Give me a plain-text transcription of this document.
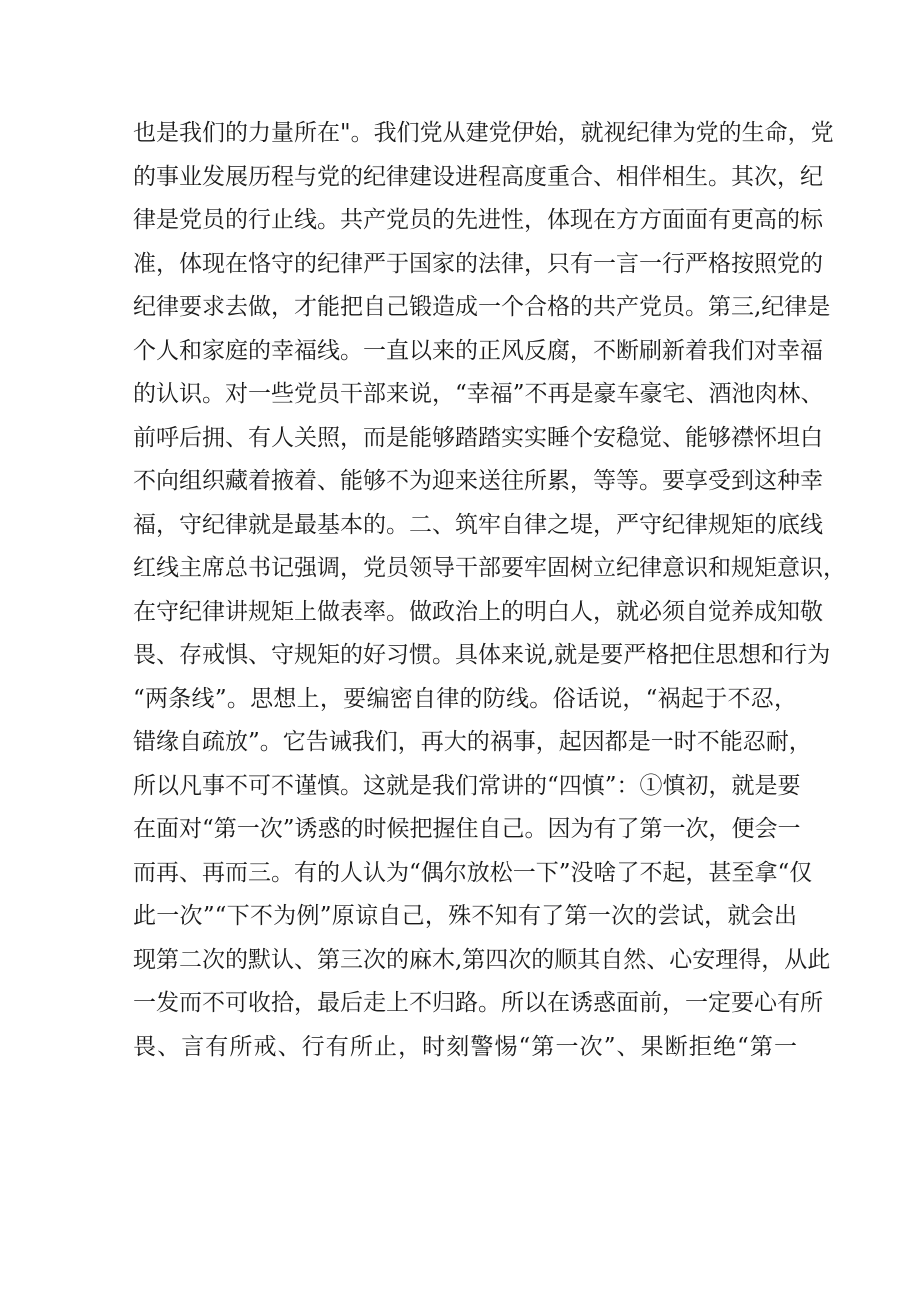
也是我们的力量所在"。我们党从建党伊始，就视纪律为党的生命，党
的事业发展历程与党的纪律建设进程高度重合、相伴相生。其次，纪
律是党员的行止线。共产党员的先进性，体现在方方面面有更高的标
准，体现在恪守的纪律严于国家的法律，只有一言一行严格按照党的
纪律要求去做，才能把自己锻造成一个合格的共产党员。第三,纪律是
个人和家庭的幸福线。一直以来的正风反腐，不断刷新着我们对幸福
的认识。对一些党员干部来说，“幸福”不再是豪车豪宅、酒池肉林、
前呼后拥、有人关照，而是能够踏踏实实睡个安稳觉、能够襟怀坦白
不向组织藏着掖着、能够不为迎来送往所累，等等。要享受到这种幸
福，守纪律就是最基本的。二、筑牢自律之堤，严守纪律规矩的底线
红线主席总书记强调，党员领导干部要牢固树立纪律意识和规矩意识，
在守纪律讲规矩上做表率。做政治上的明白人，就必须自觉养成知敬
畏、存戒惧、守规矩的好习惯。具体来说,就是要严格把住思想和行为
“两条线”。思想上，要编密自律的防线。俗话说，“祸起于不忍，
错缘自疏放”。它告诫我们，再大的祸事，起因都是一时不能忍耐，
所以凡事不可不谨慎。这就是我们常讲的“四慎”：①慎初，就是要
在面对“第一次”诱惑的时候把握住自己。因为有了第一次，便会一
而再、再而三。有的人认为“偶尔放松一下”没啥了不起，甚至拿“仅
此一次”“下不为例”原谅自己，殊不知有了第一次的尝试，就会出
现第二次的默认、第三次的麻木,第四次的顺其自然、心安理得，从此
一发而不可收拾，最后走上不归路。所以在诱惑面前，一定要心有所
畏、言有所戒、行有所止，时刻警惕“第一次”、果断拒绝“第一
